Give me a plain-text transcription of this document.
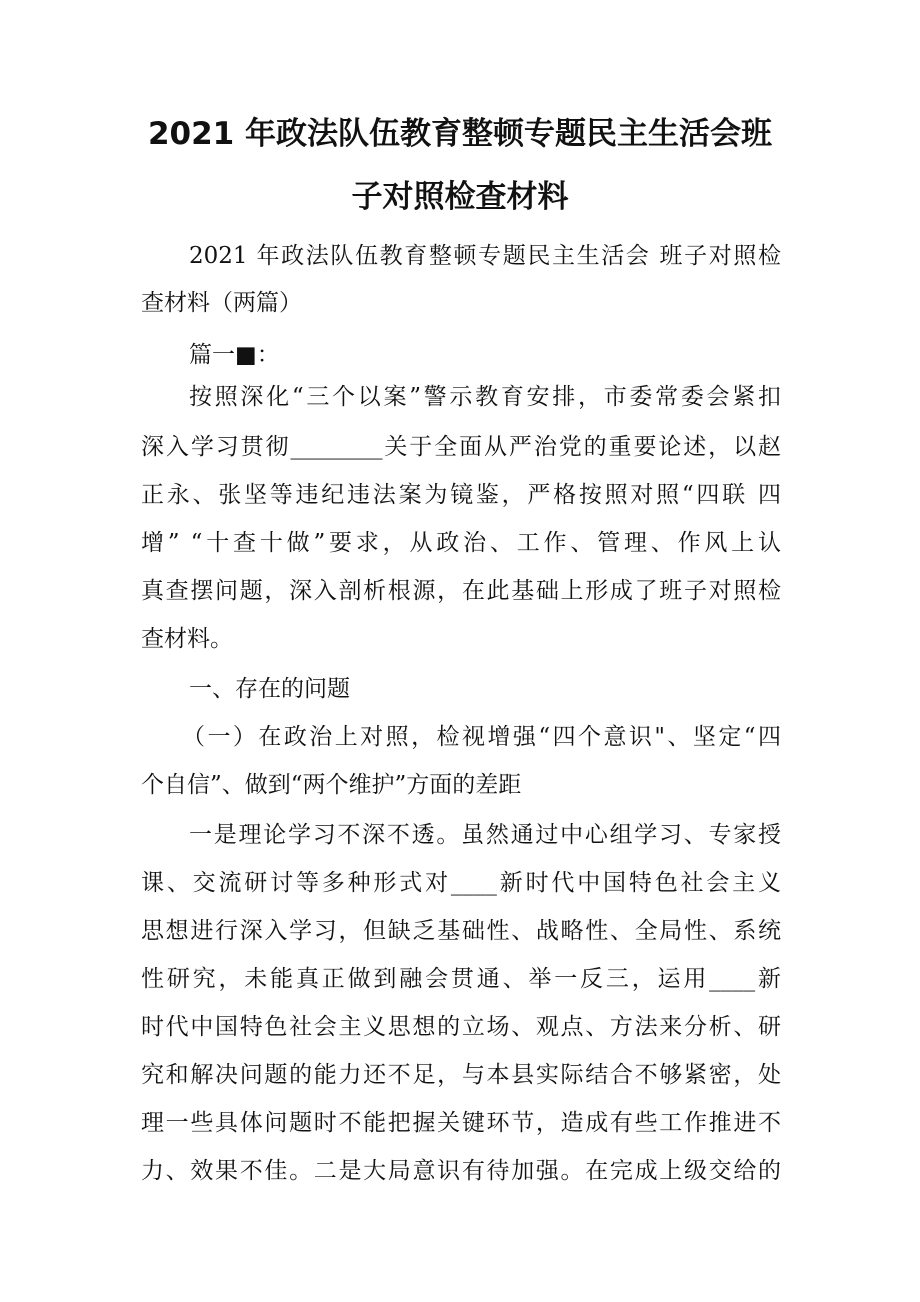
2021 年政法队伍教育整顿专题民主生活会班
子对照检查材料
2021 年政法队伍教育整顿专题民主生活会 班子对照检
查材料（两篇）
篇一■：
按照深化“三个以案”警示教育安排，市委常委会紧扣
深入学习贯彻________关于全面从严治党的重要论述，以赵
正永、张坚等违纪违法案为镜鉴，严格按照对照“四联 四
增” “十查十做”要求，从政治、工作、管理、作风上认
真查摆问题，深入剖析根源，在此基础上形成了班子对照检
查材料。
一、存在的问题
（一）在政治上对照，检视增强“四个意识"、坚定“四
个自信”、做到“两个维护”方面的差距
一是理论学习不深不透。虽然通过中心组学习、专家授
课、交流研讨等多种形式对____新时代中国特色社会主义
思想进行深入学习，但缺乏基础性、战略性、全局性、系统
性研究，未能真正做到融会贯通、举一反三，运用____新
时代中国特色社会主义思想的立场、观点、方法来分析、研
究和解决问题的能力还不足，与本县实际结合不够紧密，处
理一些具体问题时不能把握关键环节，造成有些工作推进不
力、效果不佳。二是大局意识有待加强。在完成上级交给的
